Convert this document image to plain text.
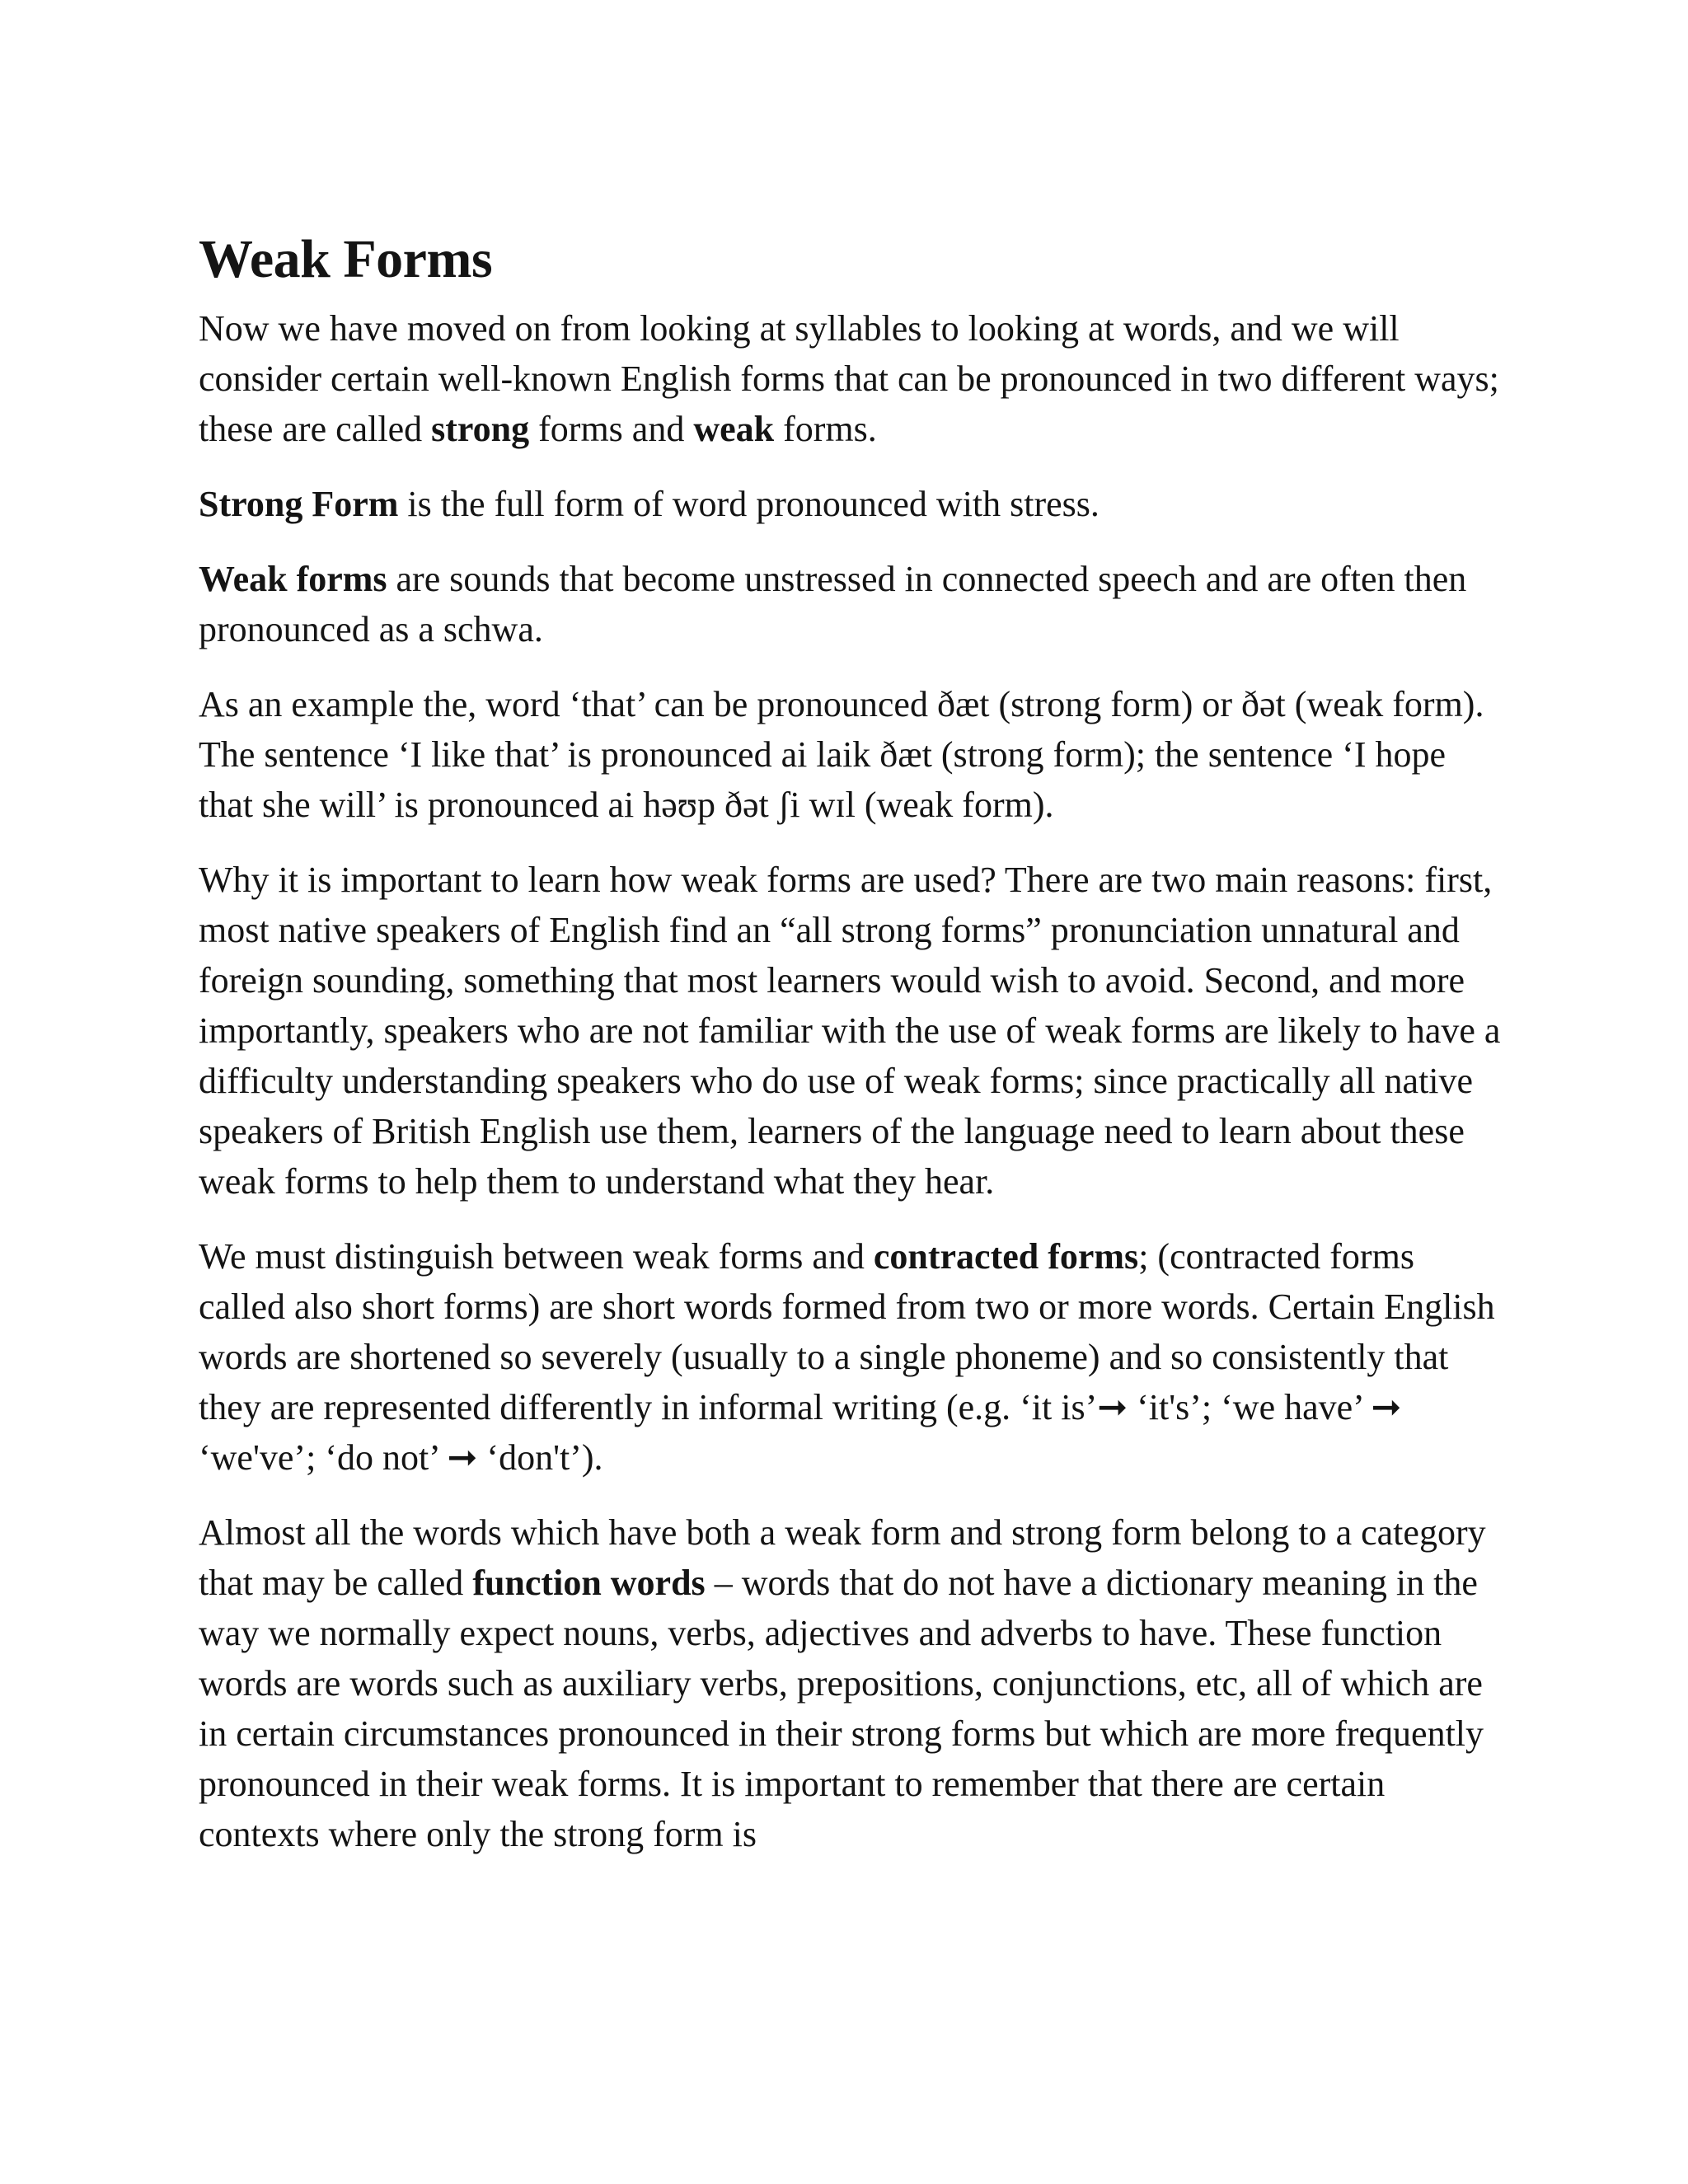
Weak Forms

Now we have moved on from looking at syllables to looking at words, and we will consider certain well-known English forms that can be pronounced in two different ways; these are called strong forms and weak forms.

Strong Form is the full form of word pronounced with stress.

Weak forms are sounds that become unstressed in connected speech and are often then pronounced as a schwa.

As an example the, word ‘that’ can be pronounced ðæt (strong form) or ðət (weak form). The sentence ‘I like that’ is pronounced ai laik ðæt (strong form); the sentence ‘I hope that she will’ is pronounced ai həʊp ðət ʃi wɪl (weak form).

Why it is important to learn how weak forms are used? There are two main reasons: first, most native speakers of English find an “all strong forms” pronunciation unnatural and foreign sounding, something that most learners would wish to avoid. Second, and more importantly, speakers who are not familiar with the use of weak forms are likely to have a difficulty understanding speakers who do use of weak forms; since practically all native speakers of British English use them, learners of the language need to learn about these weak forms to help them to understand what they hear.

We must distinguish between weak forms and contracted forms; (contracted forms called also short forms) are short words formed from two or more words. Certain English words are shortened so severely (usually to a single phoneme) and so consistently that they are represented differently in informal writing (e.g. ‘it is’➞ ‘it's’; ‘we have’ ➞ ‘we've’; ‘do not’ ➞ ‘don't’).

Almost all the words which have both a weak form and strong form belong to a category that may be called function words – words that do not have a dictionary meaning in the way we normally expect nouns, verbs, adjectives and adverbs to have. These function words are words such as auxiliary verbs, prepositions, conjunctions, etc, all of which are in certain circumstances pronounced in their strong forms but which are more frequently pronounced in their weak forms. It is important to remember that there are certain contexts where only the strong form is
